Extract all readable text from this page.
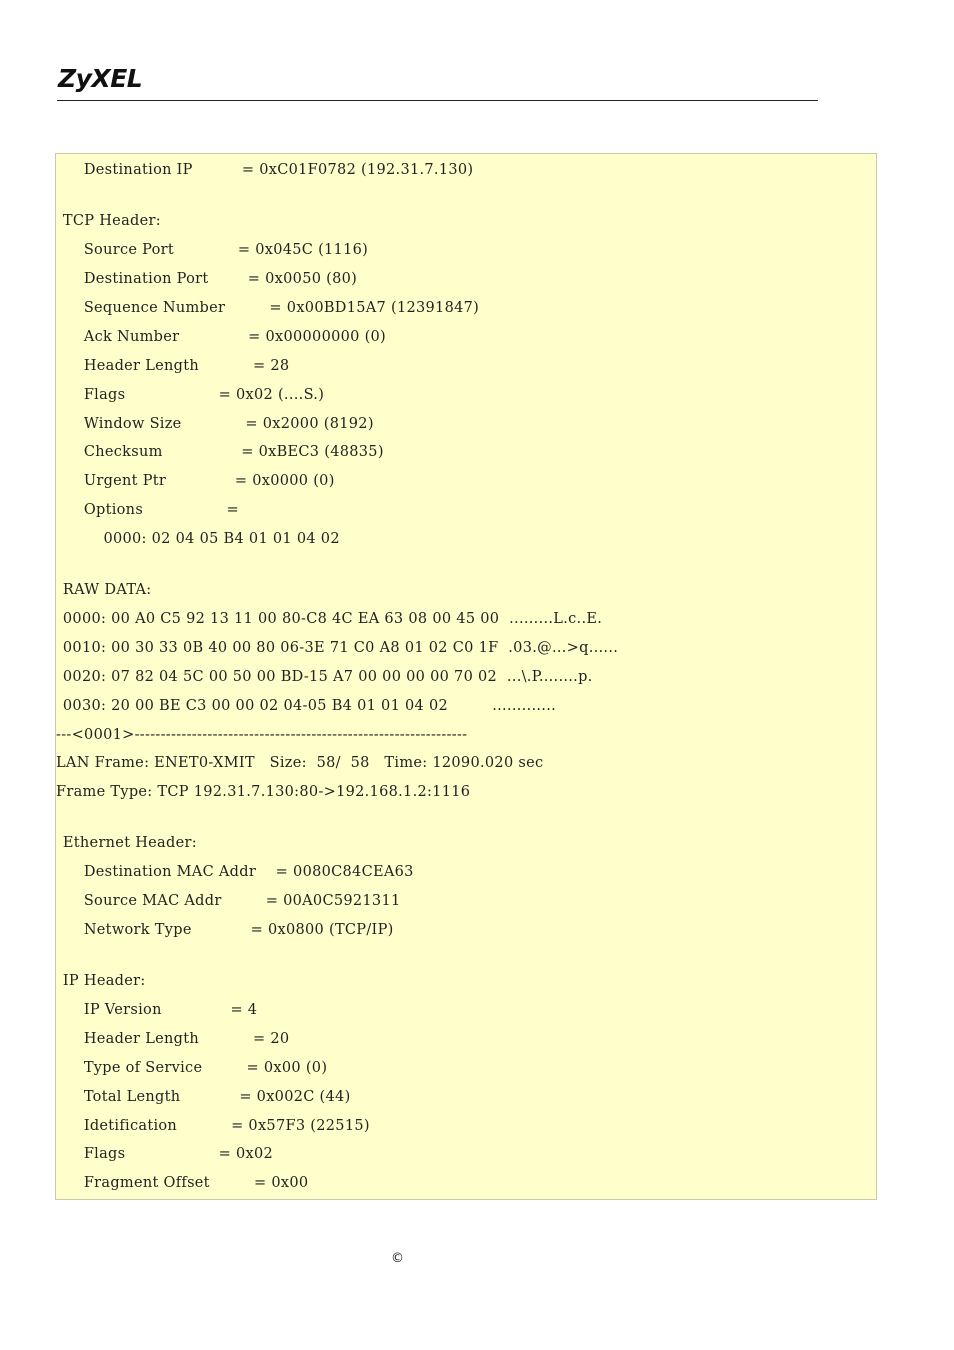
ZyXEL
Destination IP          = 0xC01F0782 (192.31.7.130)
TCP Header:
Source Port             = 0x045C (1116)
Destination Port        = 0x0050 (80)
Sequence Number         = 0x00BD15A7 (12391847)
Ack Number              = 0x00000000 (0)
Header Length           = 28
Flags                   = 0x02 (....S.)
Window Size             = 0x2000 (8192)
Checksum                = 0xBEC3 (48835)
Urgent Ptr              = 0x0000 (0)
Options                 =
0000: 02 04 05 B4 01 01 04 02
RAW DATA:
0000: 00 A0 C5 92 13 11 00 80-C8 4C EA 63 08 00 45 00  .........L.c..E.
0010: 00 30 33 0B 40 00 80 06-3E 71 C0 A8 01 02 C0 1F  .03.@...>q......
0020: 07 82 04 5C 00 50 00 BD-15 A7 00 00 00 00 70 02  ...\.P........p.
0030: 20 00 BE C3 00 00 02 04-05 B4 01 01 04 02         .............
---<0001>----------------------------------------------------------------
LAN Frame: ENET0-XMIT   Size:  58/  58   Time: 12090.020 sec
Frame Type: TCP 192.31.7.130:80->192.168.1.2:1116
Ethernet Header:
Destination MAC Addr    = 0080C84CEA63
Source MAC Addr         = 00A0C5921311
Network Type            = 0x0800 (TCP/IP)
IP Header:
IP Version              = 4
Header Length           = 20
Type of Service         = 0x00 (0)
Total Length            = 0x002C (44)
Idetification           = 0x57F3 (22515)
Flags                   = 0x02
Fragment Offset         = 0x00
©
